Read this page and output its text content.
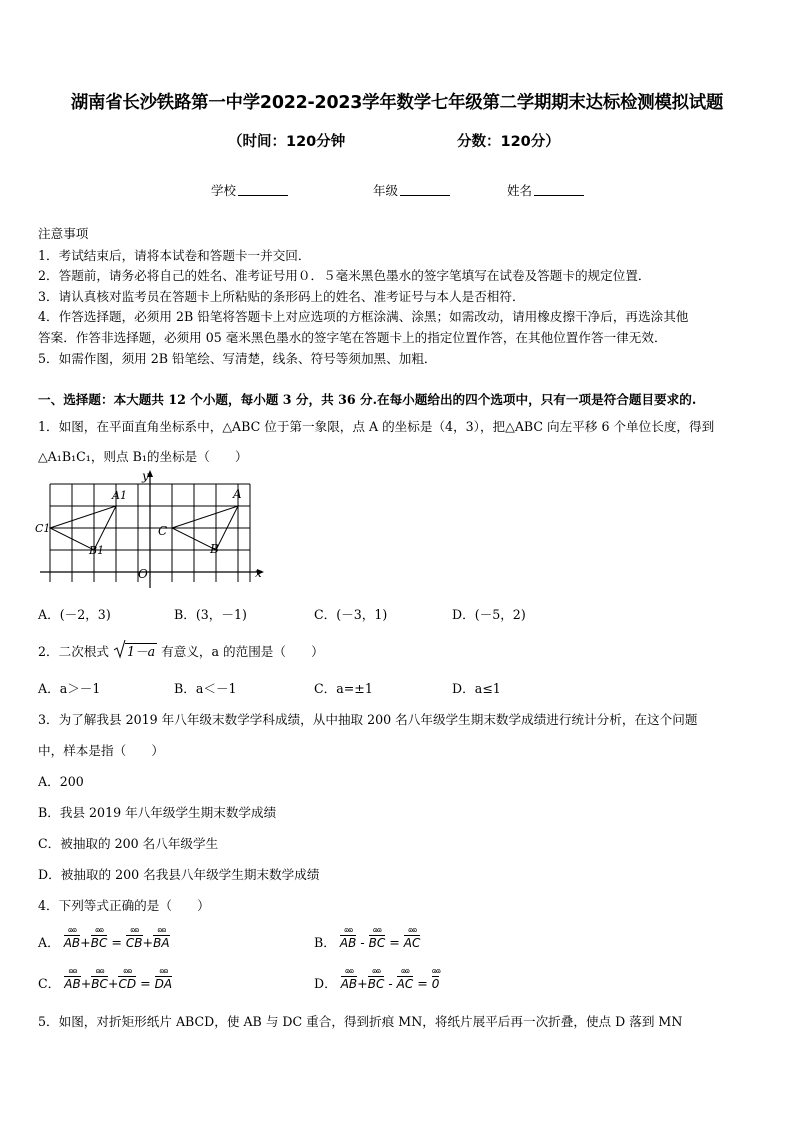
湖南省长沙铁路第一中学2022-2023学年数学七年级第二学期期末达标检测模拟试题
（时间：120分钟	分数：120分）
学校	年级	姓名
注意事项
1．考试结束后，请将本试卷和答题卡一并交回．
2．答题前，请务必将自己的姓名、准考证号用０．５毫米黑色墨水的签字笔填写在试卷及答题卡的规定位置．
3．请认真核对监考员在答题卡上所粘贴的条形码上的姓名、准考证号与本人是否相符．
4．作答选择题，必须用 2B 铅笔将答题卡上对应选项的方框涂满、涂黑；如需改动，请用橡皮擦干净后，再选涂其他
答案．作答非选择题，必须用 05 毫米黑色墨水的签字笔在答题卡上的指定位置作答，在其他位置作答一律无效．
5．如需作图，须用 2B 铅笔绘、写清楚，线条、符号等须加黑、加粗．
一、选择题：本大题共 12 个小题，每小题 3 分，共 36 分.在每小题给出的四个选项中，只有一项是符合题目要求的.
1．如图，在平面直角坐标系中，△ABC 位于第一象限，点 A 的坐标是（4，3），把△ABC 向左平移 6 个单位长度，得到
△A₁B₁C₁，则点 B₁的坐标是（　　）
y
x
O
A
B
C
A1
B1
C1
A．(－2，3)	B．(3，－1)	C．(－3，1)	D．(－5，2)
2．二次根式 1－a 有意义，a 的范围是（　　）
A．a＞－1	B．a＜－1	C．a=±1	D．a≤1
3．为了解我县 2019 年八年级末数学学科成绩，从中抽取 200 名八年级学生期末数学成绩进行统计分析，在这个问题
中，样本是指（　　）
A．200
B．我县 2019 年八年级学生期末数学成绩
C．被抽取的 200 名八年级学生
D．被抽取的 200 名我县八年级学生期末数学成绩
4．下列等式正确的是（　　）
A． ɷɷ AB+ɷɷ BC = ɷɷ CB+ɷɷ BA	B． ɷɷ AB - ɷɷ BC = ɷɷ AC
C． ɷɷ AB+ɷɷ BC+ɷɷ CD = ɷɷ DA	D． ɷɷ AB+ɷɷ BC - ɷɷ AC = ɷɷ 0
5．如图，对折矩形纸片 ABCD，使 AB 与 DC 重合，得到折痕 MN，将纸片展平后再一次折叠，使点 D 落到 MN
